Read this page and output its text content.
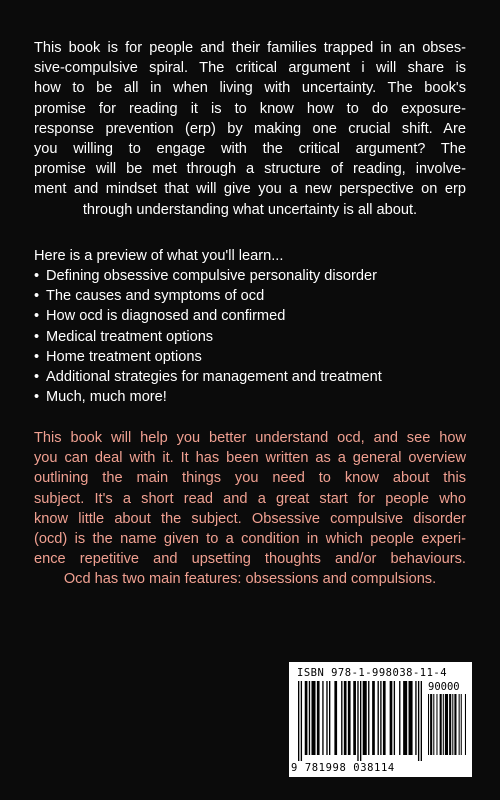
This book is for people and their families trapped in an obses-
sive-compulsive spiral. The critical argument i will share is
how to be all in when living with uncertainty. The book's
promise for reading it is to know how to do exposure-
response prevention (erp) by making one crucial shift. Are
you willing to engage with the critical argument? The
promise will be met through a structure of reading, involve-
ment and mindset that will give you a new perspective on erp
through understanding what uncertainty is all about.

Here is a preview of what you'll learn...

• Defining obsessive compulsive personality disorder
• The causes and symptoms of ocd
• How ocd is diagnosed and confirmed
• Medical treatment options
• Home treatment options
• Additional strategies for management and treatment
• Much, much more!
This book will help you better understand ocd, and see how
you can deal with it. It has been written as a general overview
outlining the main things you need to know about this
subject. It's a short read and a great start for people who
know little about the subject. Obsessive compulsive disorder
(ocd) is the name given to a condition in which people experi-
ence repetitive and upsetting thoughts and/or behaviours.
Ocd has two main features: obsessions and compulsions.
ISBN 978-1-998038-11-4
90000
9 781998 038114
